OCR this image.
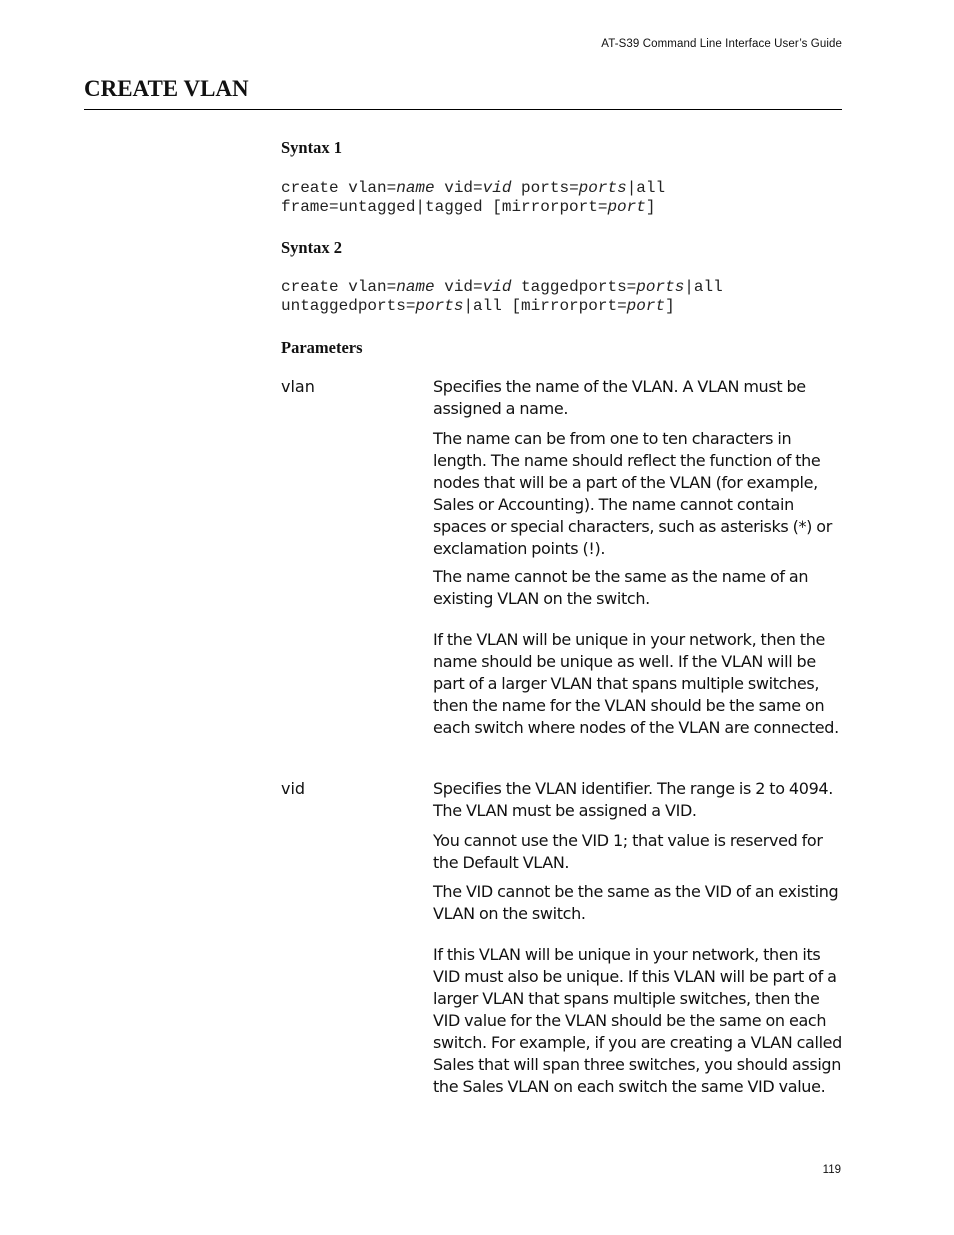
AT-S39 Command Line Interface User’s Guide
CREATE VLAN
Syntax 1
create vlan=name vid=vid ports=ports|all
frame=untagged|tagged [mirrorport=port]
Syntax 2
create vlan=name vid=vid taggedports=ports|all
untaggedports=ports|all [mirrorport=port]
Parameters
vlan	Specifies the name of the VLAN. A VLAN must be assigned a name.
The name can be from one to ten characters in length. The name should reflect the function of the nodes that will be a part of the VLAN (for example, Sales or Accounting). The name cannot contain spaces or special characters, such as asterisks (*) or exclamation points (!).
The name cannot be the same as the name of an existing VLAN on the switch.
If the VLAN will be unique in your network, then the name should be unique as well. If the VLAN will be part of a larger VLAN that spans multiple switches, then the name for the VLAN should be the same on each switch where nodes of the VLAN are connected.
vid	Specifies the VLAN identifier. The range is 2 to 4094. The VLAN must be assigned a VID.
You cannot use the VID 1; that value is reserved for the Default VLAN.
The VID cannot be the same as the VID of an existing VLAN on the switch.
If this VLAN will be unique in your network, then its VID must also be unique. If this VLAN will be part of a larger VLAN that spans multiple switches, then the VID value for the VLAN should be the same on each switch. For example, if you are creating a VLAN called Sales that will span three switches, you should assign the Sales VLAN on each switch the same VID value.
119
